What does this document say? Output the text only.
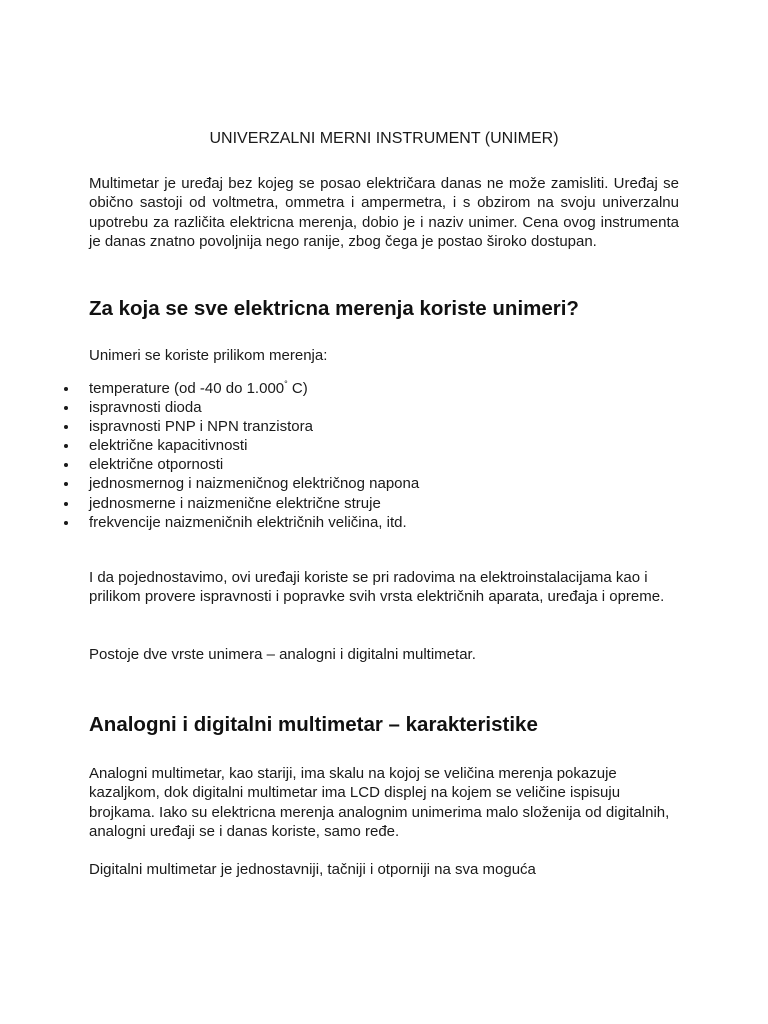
UNIVERZALNI MERNI INSTRUMENT (UNIMER)

Multimetar je uređaj bez kojeg se posao električara danas ne može zamisliti. Uređaj se obično sastoji od voltmetra, ommetra i ampermetra, i s obzirom na svoju univerzalnu upotrebu za različita elektricna merenja, dobio je i naziv unimer. Cena ovog instrumenta je danas znatno povoljnija nego ranije, zbog čega je postao široko dostupan.

Za koja se sve elektricna merenja koriste unimeri?

Unimeri se koriste prilikom merenja:

temperature (od -40 do 1.000° C)
ispravnosti dioda
ispravnosti PNP i NPN tranzistora
električne kapacitivnosti
električne otpornosti
jednosmernog i naizmeničnog električnog napona
jednosmerne i naizmenične električne struje
frekvencije naizmeničnih električnih veličina, itd.

I da pojednostavimo, ovi uređaji koriste se pri radovima na elektroinstalacijama kao i prilikom provere ispravnosti i popravke svih vrsta električnih aparata, uređaja i opreme.

Postoje dve vrste unimera – analogni i digitalni multimetar.

Analogni i digitalni multimetar – karakteristike

Analogni multimetar, kao stariji, ima skalu na kojoj se veličina merenja pokazuje kazaljkom, dok digitalni multimetar ima LCD displej na kojem se veličine ispisuju brojkama. Iako su elektricna merenja analognim unimerima malo složenija od digitalnih, analogni uređaji se i danas koriste, samo ređe.

Digitalni multimetar je jednostavniji, tačniji i otporniji na sva moguća
